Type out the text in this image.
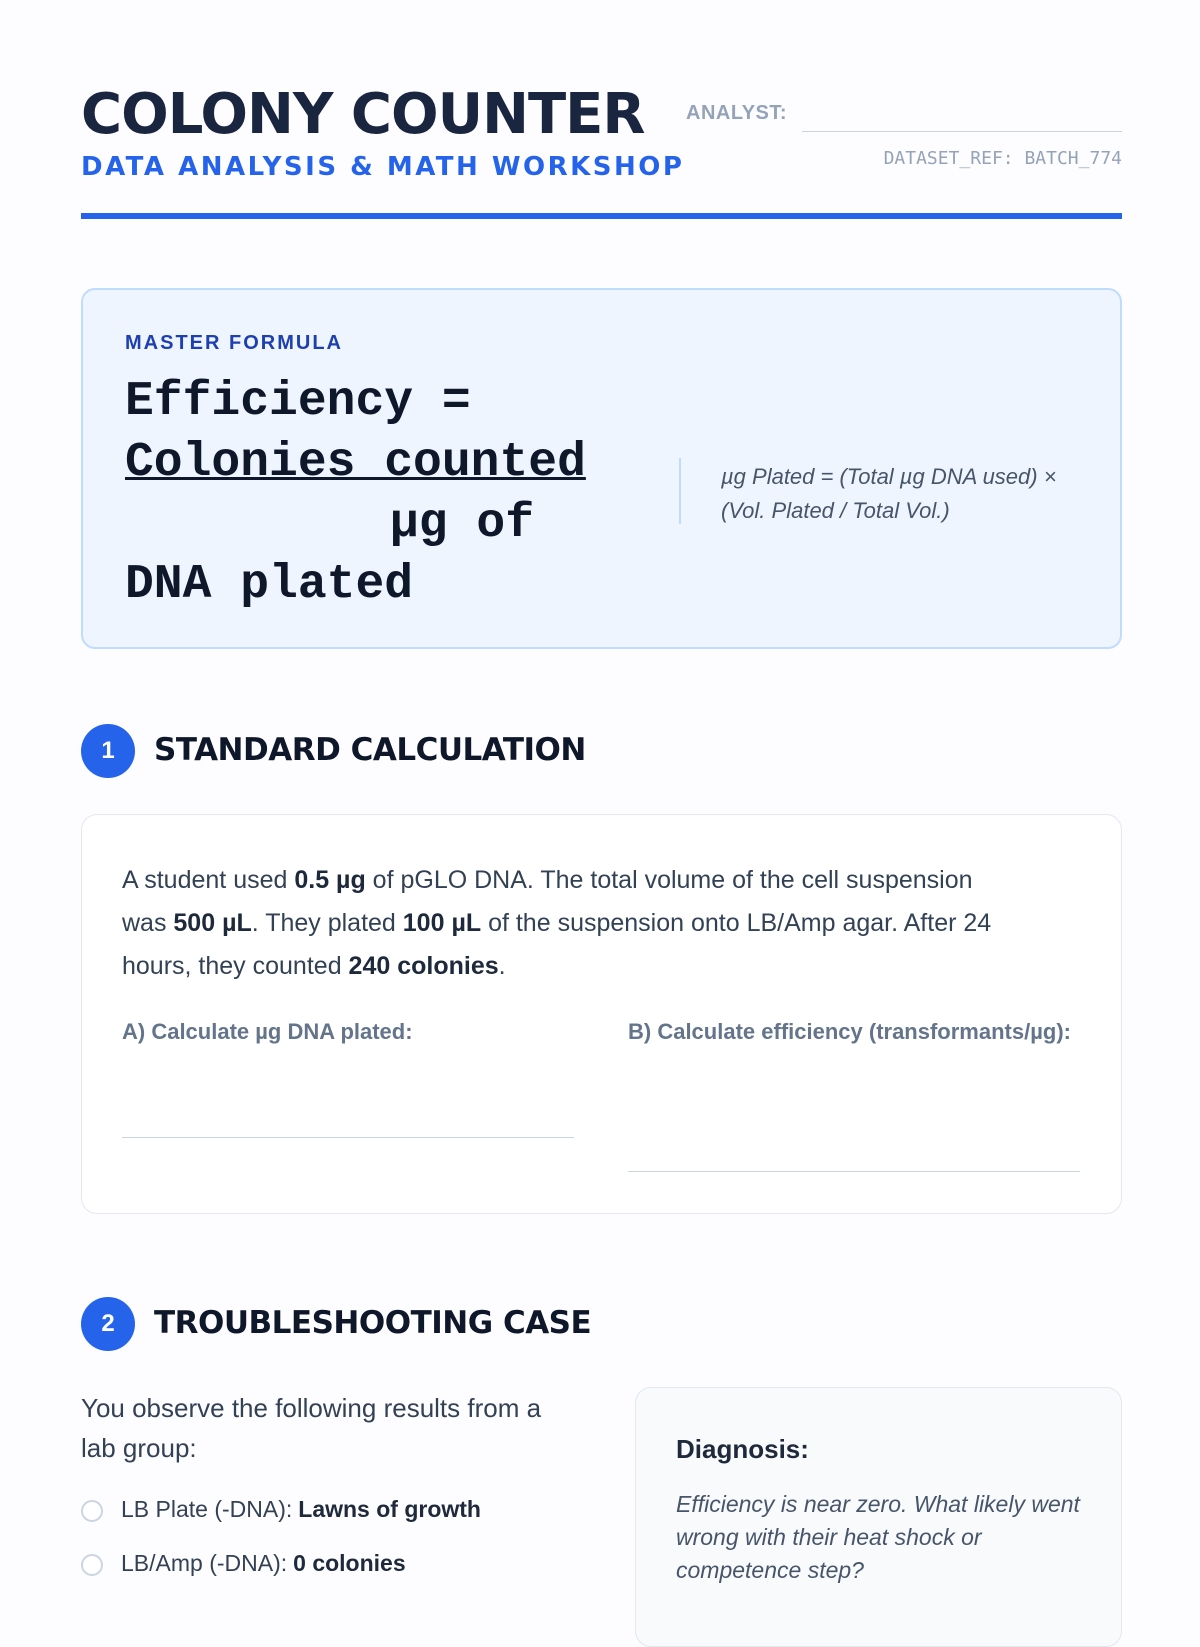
COLONY COUNTER
DATA ANALYSIS & MATH WORKSHOP
ANALYST:
DATASET_REF: BATCH_774
MASTER FORMULA
Efficiency =
Colonies counted
µg of
DNA plated
µg Plated = (Total µg DNA used) × (Vol. Plated / Total Vol.)
1	STANDARD CALCULATION
A student used 0.5 µg of pGLO DNA. The total volume of the cell suspension was 500 µL. They plated 100 µL of the suspension onto LB/Amp agar. After 24 hours, they counted 240 colonies.
A) Calculate µg DNA plated:	B) Calculate efficiency (transformants/µg):
2	TROUBLESHOOTING CASE
You observe the following results from a lab group:
LB Plate (-DNA): Lawns of growth
LB/Amp (-DNA): 0 colonies
Diagnosis:
Efficiency is near zero. What likely went wrong with their heat shock or competence step?
